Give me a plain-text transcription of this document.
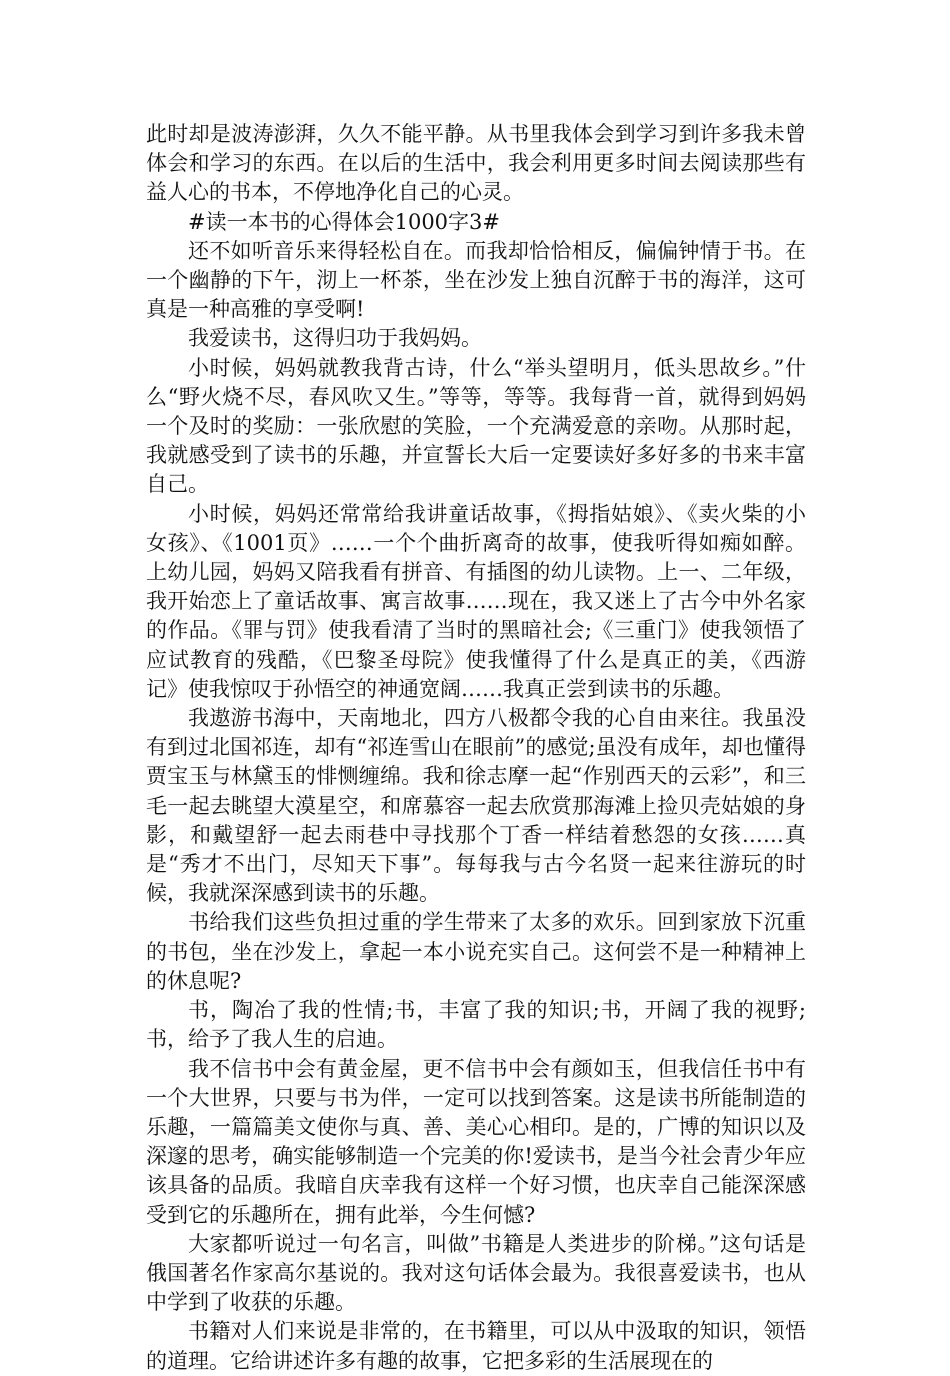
此时却是波涛澎湃，久久不能平静。从书里我体会到学习到许多我未曾体会和学习的东西。在以后的生活中，我会利用更多时间去阅读那些有益人心的书本，不停地净化自己的心灵。

#读一本书的心得体会1000字3#

还不如听音乐来得轻松自在。而我却恰恰相反，偏偏钟情于书。在一个幽静的下午，沏上一杯茶，坐在沙发上独自沉醉于书的海洋，这可真是一种高雅的享受啊!

我爱读书，这得归功于我妈妈。

小时候，妈妈就教我背古诗，什么“举头望明月，低头思故乡。”什么“野火烧不尽，春风吹又生。”等等，等等。我每背一首，就得到妈妈一个及时的奖励：一张欣慰的笑脸，一个充满爱意的亲吻。从那时起，我就感受到了读书的乐趣，并宣誓长大后一定要读好多好多的书来丰富自己。

小时候，妈妈还常常给我讲童话故事，《拇指姑娘》、《卖火柴的小女孩》、《1001页》……一个个曲折离奇的故事，使我听得如痴如醉。上幼儿园，妈妈又陪我看有拼音、有插图的幼儿读物。上一、二年级，我开始恋上了童话故事、寓言故事……现在，我又迷上了古今中外名家的作品。《罪与罚》使我看清了当时的黑暗社会;《三重门》使我领悟了应试教育的残酷，《巴黎圣母院》使我懂得了什么是真正的美，《西游记》使我惊叹于孙悟空的神通宽阔……我真正尝到读书的乐趣。

我遨游书海中，天南地北，四方八极都令我的心自由来往。我虽没有到过北国祁连，却有“祁连雪山在眼前”的感觉;虽没有成年，却也懂得贾宝玉与林黛玉的悱恻缠绵。我和徐志摩一起“作别西天的云彩”，和三毛一起去眺望大漠星空，和席慕容一起去欣赏那海滩上捡贝壳姑娘的身影，和戴望舒一起去雨巷中寻找那个丁香一样结着愁怨的女孩……真是“秀才不出门，尽知天下事”。每每我与古今名贤一起来往游玩的时候，我就深深感到读书的乐趣。

书给我们这些负担过重的学生带来了太多的欢乐。回到家放下沉重的书包，坐在沙发上，拿起一本小说充实自己。这何尝不是一种精神上的休息呢?

书，陶冶了我的性情;书，丰富了我的知识;书，开阔了我的视野;书，给予了我人生的启迪。

我不信书中会有黄金屋，更不信书中会有颜如玉，但我信任书中有一个大世界，只要与书为伴，一定可以找到答案。这是读书所能制造的乐趣，一篇篇美文使你与真、善、美心心相印。是的，广博的知识以及深邃的思考，确实能够制造一个完美的你!爱读书，是当今社会青少年应该具备的品质。我暗自庆幸我有这样一个好习惯，也庆幸自己能深深感受到它的乐趣所在，拥有此举，今生何憾?

大家都听说过一句名言，叫做”书籍是人类进步的阶梯。”这句话是俄国著名作家高尔基说的。我对这句话体会最为。我很喜爱读书，也从中学到了收获的乐趣。

书籍对人们来说是非常的，在书籍里，可以从中汲取的知识，领悟的道理。它给讲述许多有趣的故事，它把多彩的生活展现在的
